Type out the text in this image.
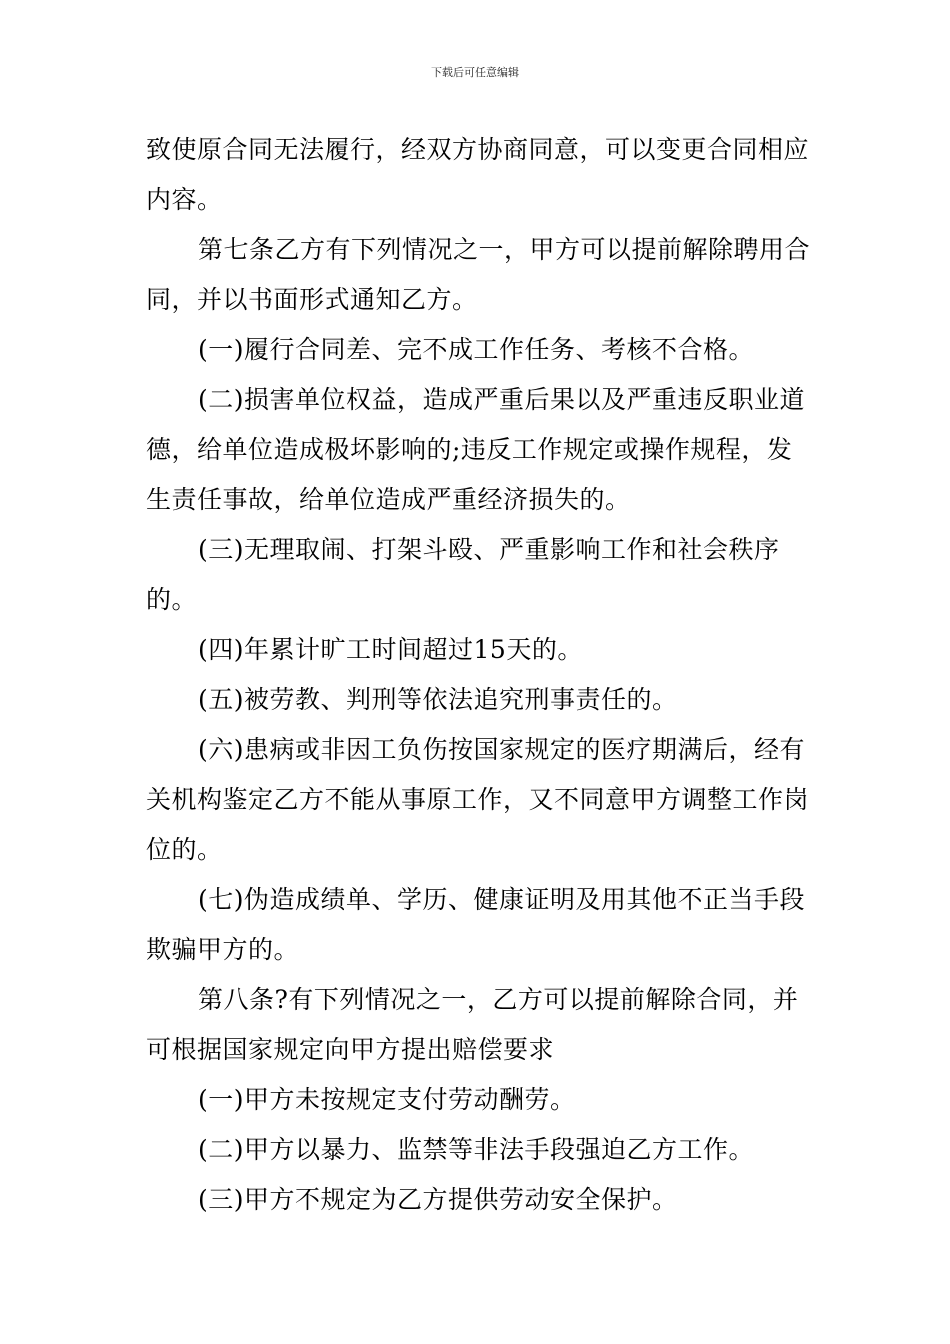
下载后可任意编辑

致使原合同无法履行，经双方协商同意，可以变更合同相应内容。

第七条乙方有下列情况之一，甲方可以提前解除聘用合同，并以书面形式通知乙方。

(一)履行合同差、完不成工作任务、考核不合格。

(二)损害单位权益，造成严重后果以及严重违反职业道德，给单位造成极坏影响的;违反工作规定或操作规程，发生责任事故，给单位造成严重经济损失的。

(三)无理取闹、打架斗殴、严重影响工作和社会秩序的。

(四)年累计旷工时间超过15天的。

(五)被劳教、判刑等依法追究刑事责任的。

(六)患病或非因工负伤按国家规定的医疗期满后，经有关机构鉴定乙方不能从事原工作，又不同意甲方调整工作岗位的。

(七)伪造成绩单、学历、健康证明及用其他不正当手段欺骗甲方的。

第八条?有下列情况之一，乙方可以提前解除合同，并可根据国家规定向甲方提出赔偿要求

(一)甲方未按规定支付劳动酬劳。

(二)甲方以暴力、监禁等非法手段强迫乙方工作。

(三)甲方不规定为乙方提供劳动安全保护。
